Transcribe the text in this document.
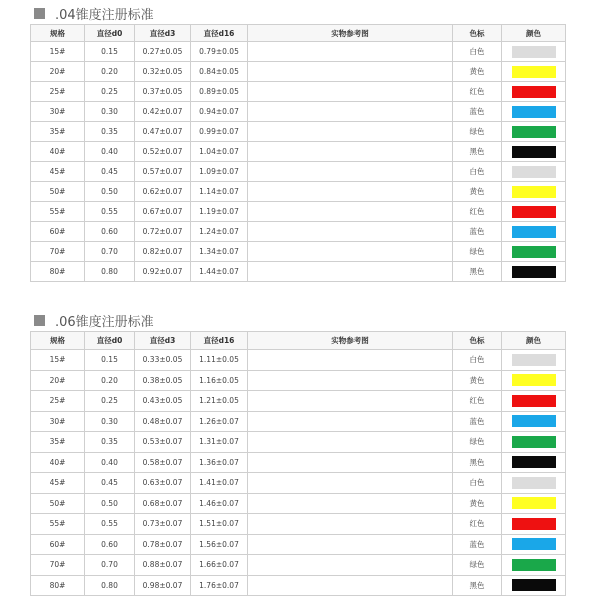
.04锥度注册标准
规格	直径d0	直径d3	直径d16	实物参考图	色标	颜色
15#	0.15	0.27±0.05	0.79±0.05		白色	

20#	0.20	0.32±0.05	0.84±0.05		黄色	

25#	0.25	0.37±0.05	0.89±0.05		红色	

30#	0.30	0.42±0.07	0.94±0.07		蓝色	

35#	0.35	0.47±0.07	0.99±0.07		绿色	

40#	0.40	0.52±0.07	1.04±0.07		黑色	

45#	0.45	0.57±0.07	1.09±0.07		白色	

50#	0.50	0.62±0.07	1.14±0.07		黄色	

55#	0.55	0.67±0.07	1.19±0.07		红色	

60#	0.60	0.72±0.07	1.24±0.07		蓝色	

70#	0.70	0.82±0.07	1.34±0.07		绿色	

80#	0.80	0.92±0.07	1.44±0.07		黑色	
.06锥度注册标准
规格	直径d0	直径d3	直径d16	实物参考图	色标	颜色
15#	0.15	0.33±0.05	1.11±0.05		白色	

20#	0.20	0.38±0.05	1.16±0.05		黄色	

25#	0.25	0.43±0.05	1.21±0.05		红色	

30#	0.30	0.48±0.07	1.26±0.07		蓝色	

35#	0.35	0.53±0.07	1.31±0.07		绿色	

40#	0.40	0.58±0.07	1.36±0.07		黑色	

45#	0.45	0.63±0.07	1.41±0.07		白色	

50#	0.50	0.68±0.07	1.46±0.07		黄色	

55#	0.55	0.73±0.07	1.51±0.07		红色	

60#	0.60	0.78±0.07	1.56±0.07		蓝色	

70#	0.70	0.88±0.07	1.66±0.07		绿色	

80#	0.80	0.98±0.07	1.76±0.07		黑色	
